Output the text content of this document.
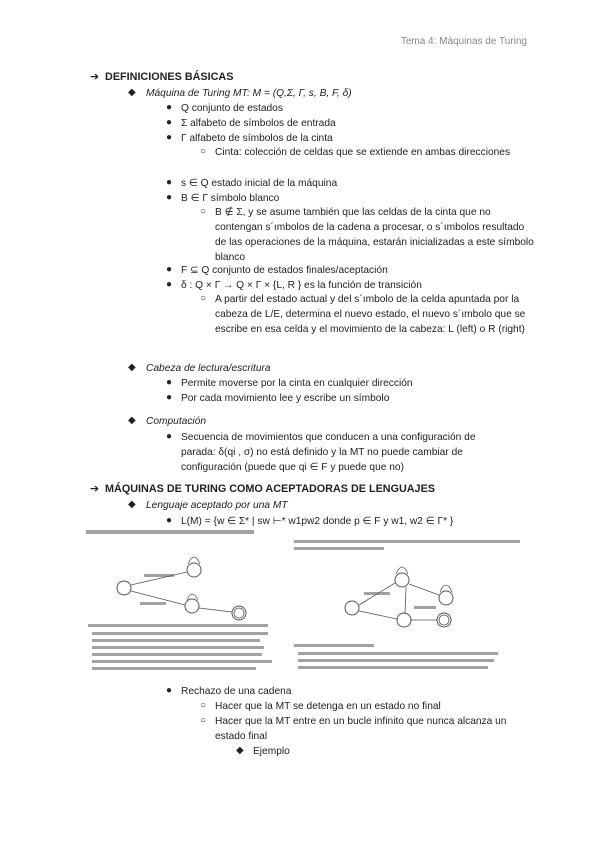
Tema 4: Máquinas de Turing
➔ DEFINICIONES BÁSICAS
◆ Máquina de Turing MT: M = (Q,Σ, Γ, s, B, F, δ)
● Q conjunto de estados
● Σ alfabeto de símbolos de entrada
● Γ alfabeto de símbolos de la cinta
○ Cinta: colección de celdas que se extiende en ambas direcciones
● s ∈ Q estado inicial de la máquina
● B ∈ Γ símbolo blanco
○ B ∉ Σ, y se asume también que las celdas de la cinta que no contengan s´ımbolos de la cadena a procesar, o s´ımbolos resultado de las operaciones de la máquina, estarán inicializadas a este símbolo blanco
● F ⊆ Q conjunto de estados finales/aceptación
● δ : Q × Γ → Q × Γ × {L, R } es la función de transición
○ A partir del estado actual y del s´ımbolo de la celda apuntada por la cabeza de L/E, determina el nuevo estado, el nuevo s´ımbolo que se escribe en esa celda y el movimiento de la cabeza: L (left) o R (right)
◆ Cabeza de lectura/escritura
● Permite moverse por la cinta en cualquier dirección
● Por cada movimiento lee y escribe un símbolo
◆ Computación
● Secuencia de movimientos que conducen a una configuración de parada: δ(qi , σ) no está definido y la MT no puede cambiar de configuración (puede que qi ∈ F y puede que no)
➔ MÁQUINAS DE TURING COMO ACEPTADORAS DE LENGUAJES
◆ Lenguaje aceptado por una MT
● L(M) = {w ∈ Σ* | sw ⊢* w1pw2 donde p ∈ F y w1, w2 ∈ Γ* }
● Rechazo de una cadena
○ Hacer que la MT se detenga en un estado no final
○ Hacer que la MT entre en un bucle infinito que nunca alcanza un estado final
◆ Ejemplo
